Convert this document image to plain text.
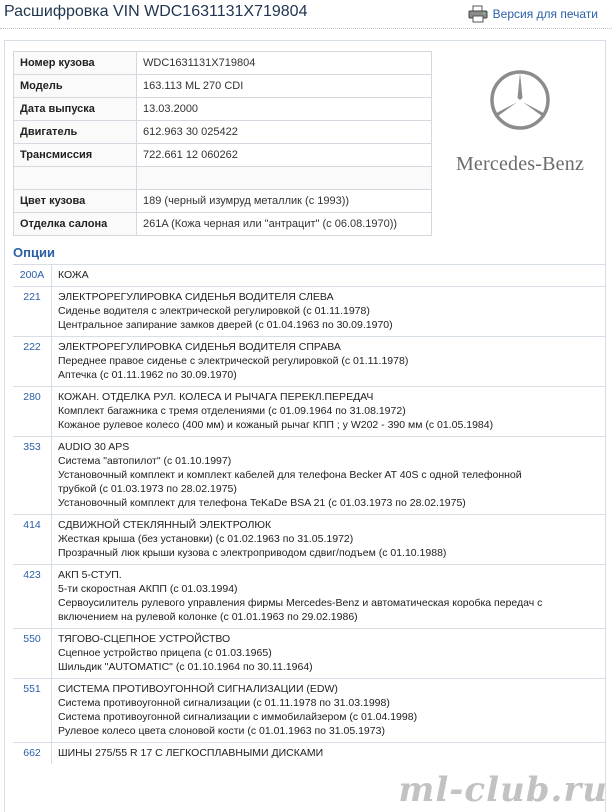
Расшифровка VIN WDC1631131X719804	Версия для печати
Номер кузова	WDC1631131X719804
Модель	163.113 ML 270 CDI
Дата выпуска	13.03.2000
Двигатель	612.963 30 025422
Трансмиссия	722.661 12 060262

Цвет кузова	189 (черный изумруд металлик (с 1993))
Отделка салона	261A (Кожа черная или "антрацит" (с 06.08.1970))
Mercedes-Benz
Опции
200A	КОЖА

221	ЭЛЕКТРОРЕГУЛИРОВКА СИДЕНЬЯ ВОДИТЕЛЯ СЛЕВА
Сиденье водителя с электрической регулировкой (с 01.11.1978)
Центральное запирание замков дверей (с 01.04.1963 по 30.09.1970)

222	ЭЛЕКТРОРЕГУЛИРОВКА СИДЕНЬЯ ВОДИТЕЛЯ СПРАВА
Переднее правое сиденье с электрической регулировкой (с 01.11.1978)
Аптечка (с 01.11.1962 по 30.09.1970)

280	КОЖАН. ОТДЕЛКА РУЛ. КОЛЕСА И РЫЧАГА ПЕРЕКЛ.ПЕРЕДАЧ
Комплект багажника с тремя отделениями (с 01.09.1964 по 31.08.1972)
Кожаное рулевое колесо (400 мм) и кожаный рычаг КПП ; у W202 - 390 мм (с 01.05.1984)

353	AUDIO 30 APS
Система "автопилот" (с 01.10.1997)
Установочный комплект и комплект кабелей для телефона Becker AT 40S с одной телефонной
трубкой (с 01.03.1973 по 28.02.1975)
Установочный комплект для телефона TeKaDe BSA 21 (с 01.03.1973 по 28.02.1975)

414	СДВИЖНОЙ СТЕКЛЯННЫЙ ЭЛЕКТРОЛЮК
Жесткая крыша (без установки) (с 01.02.1963 по 31.05.1972)
Прозрачный люк крыши кузова с электроприводом сдвиг/подъем (с 01.10.1988)

423	АКП 5-СТУП.
5-ти скоростная АКПП (с 01.03.1994)
Сервоусилитель рулевого управления фирмы Mercedes-Benz и автоматическая коробка передач с
включением на рулевой колонке (с 01.01.1963 по 29.02.1986)

550	ТЯГОВО-СЦЕПНОЕ УСТРОЙСТВО
Сцепное устройство прицепа (с 01.03.1965)
Шильдик "AUTOMATIC" (с 01.10.1964 по 30.11.1964)

551	СИСТЕМА ПРОТИВОУГОННОЙ СИГНАЛИЗАЦИИ (EDW)
Система противоугонной сигнализации (с 01.11.1978 по 31.03.1998)
Система противоугонной сигнализации с иммобилайзером (с 01.04.1998)
Рулевое колесо цвета слоновой кости (с 01.01.1963 по 31.05.1973)

662	ШИНЫ 275/55 R 17 С ЛЕГКОСПЛАВНЫМИ ДИСКАМИ
ml-club.ru
